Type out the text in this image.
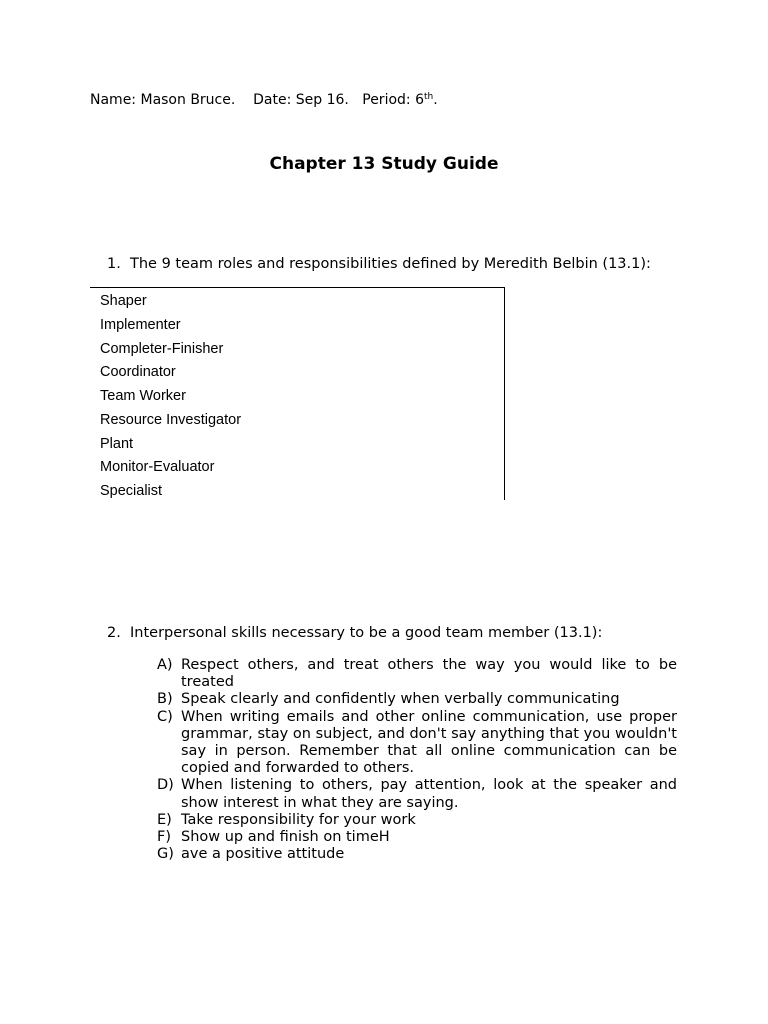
Name: Mason Bruce. Date: Sep 16. Period: 6th.
Chapter 13 Study Guide
1. The 9 team roles and responsibilities defined by Meredith Belbin (13.1):
Shaper
Implementer
Completer-Finisher
Coordinator
Team Worker
Resource Investigator
Plant
Monitor-Evaluator
Specialist
2. Interpersonal skills necessary to be a good team member (13.1):
A) Respect others, and treat others the way you would like to be treated
B) Speak clearly and confidently when verbally communicating
C) When writing emails and other online communication, use proper grammar, stay on subject, and don't say anything that you wouldn't say in person. Remember that all online communication can be copied and forwarded to others.
D) When listening to others, pay attention, look at the speaker and show interest in what they are saying.
E) Take responsibility for your work
F) Show up and finish on timeH
G) ave a positive attitude
